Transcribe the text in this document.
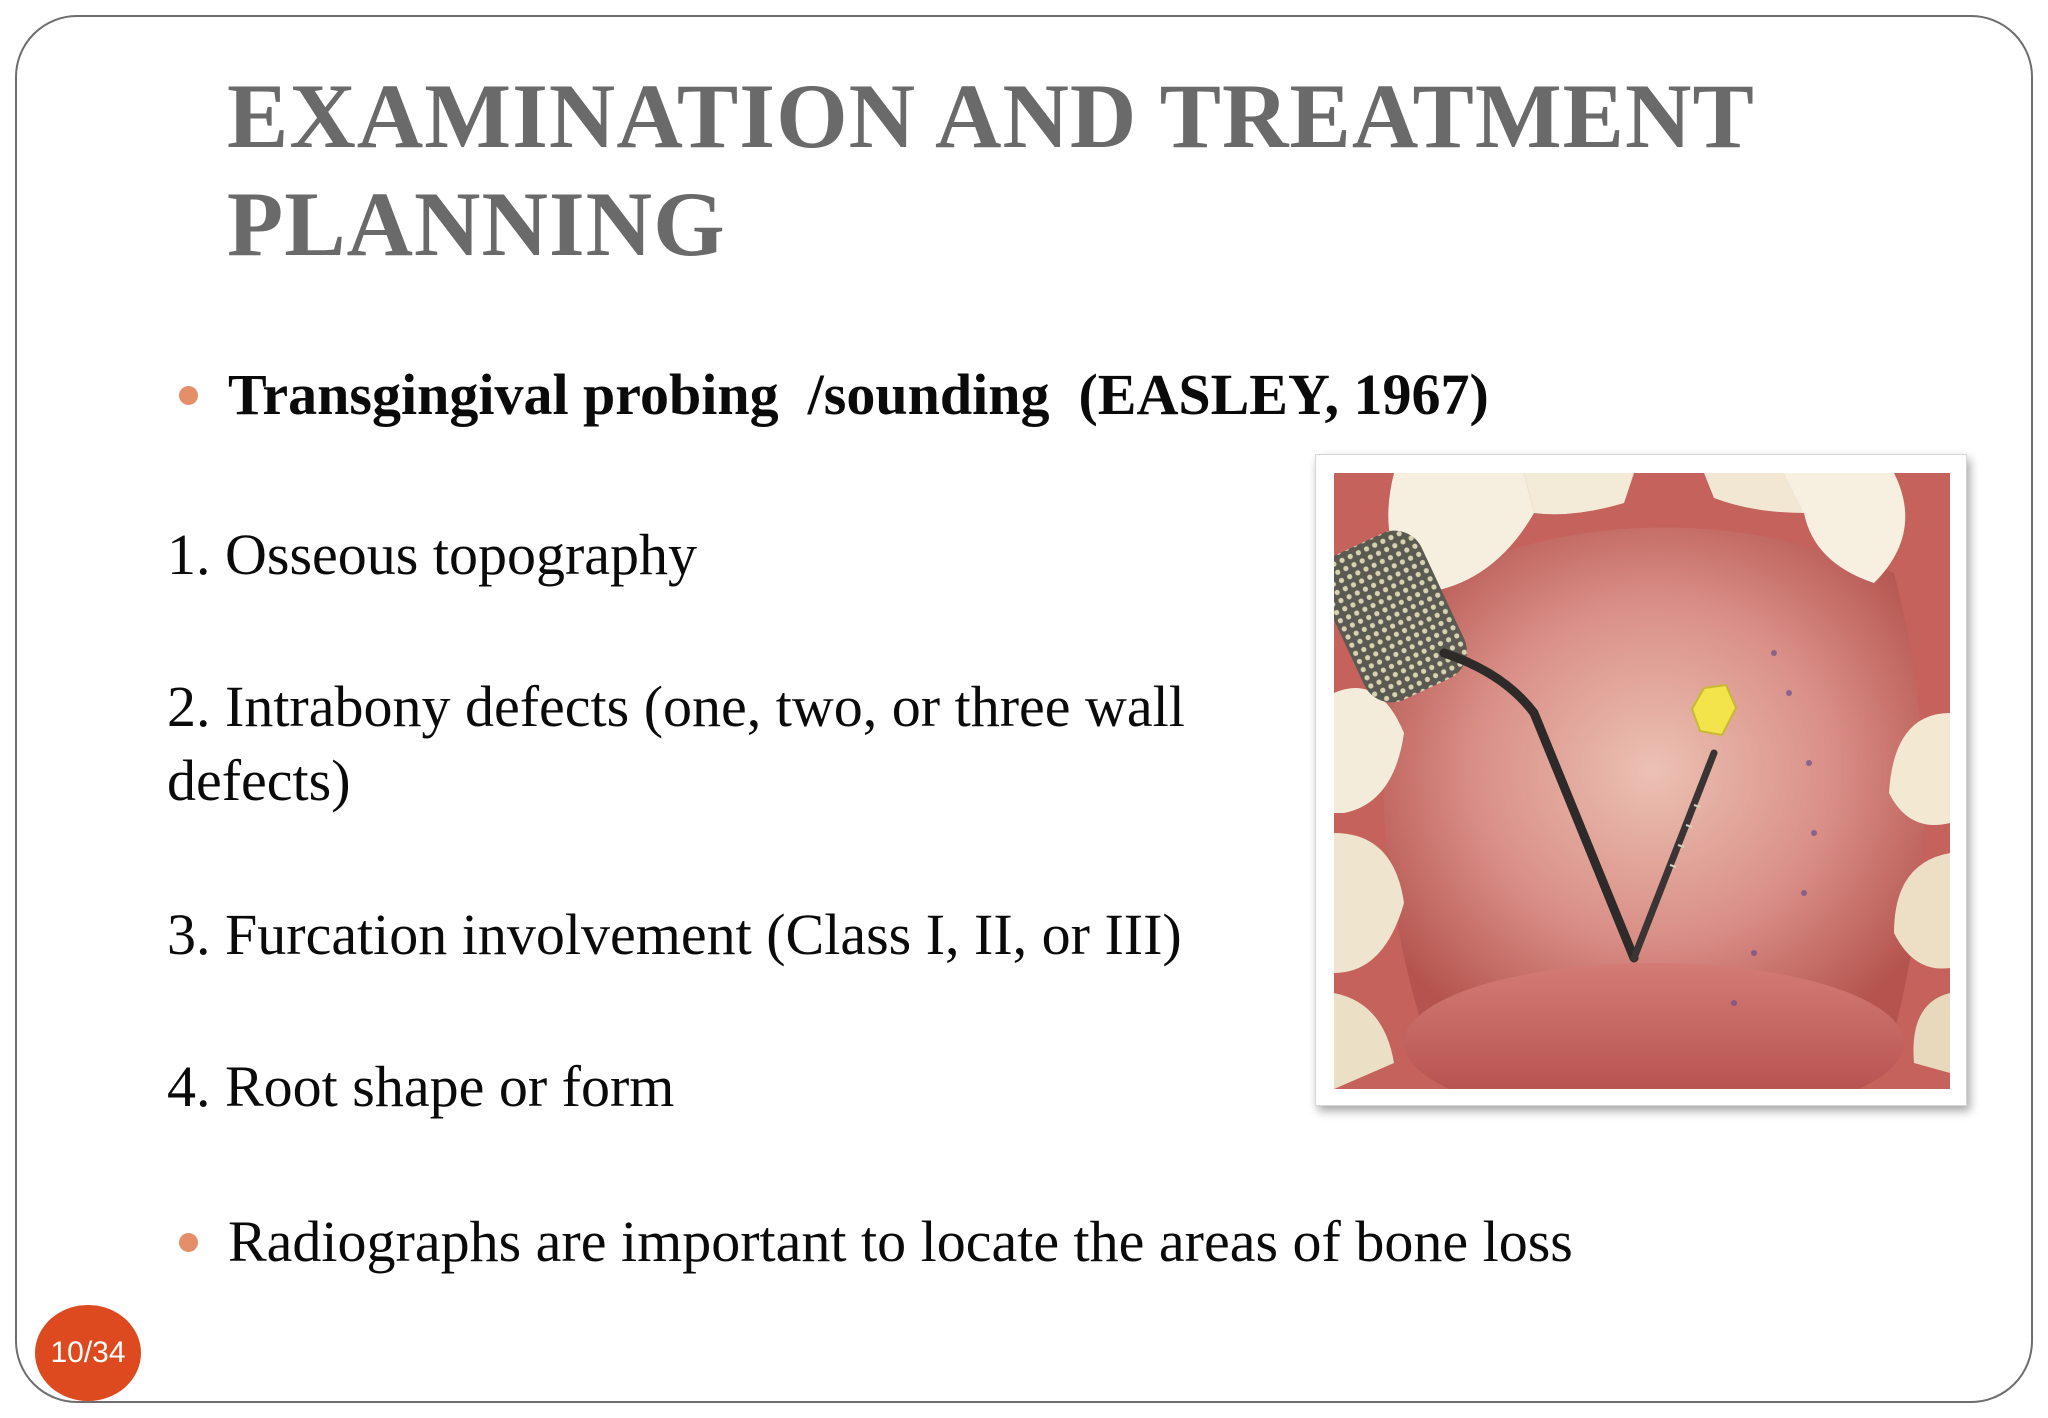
EXAMINATION AND TREATMENT PLANNING
Transgingival probing  /sounding  (EASLEY, 1967)

1. Osseous topography

2. Intrabony defects (one, two, or three wall defects)

3. Furcation involvement (Class I, II, or III)

4. Root shape or form

Radiographs are important to locate the areas of bone loss
10/34
